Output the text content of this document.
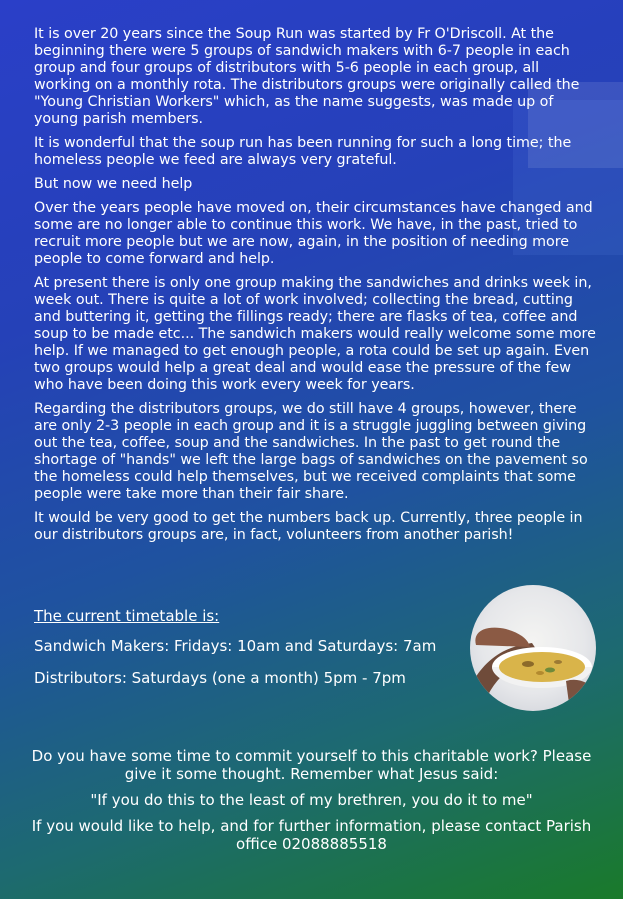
It is over 20 years since the Soup Run was started by Fr O'Driscoll. At the beginning there were 5 groups of sandwich makers with 6-7 people in each group and four groups of distributors with 5-6 people in each group, all working on a monthly rota. The distributors groups were originally called the "Young Christian Workers" which, as the name suggests, was made up of young parish members.

It is wonderful that the soup run has been running for such a long time; the homeless people we feed are always very grateful.

But now we need help

Over the years people have moved on, their circumstances have changed and some are no longer able to continue this work. We have, in the past, tried to recruit more people but we are now, again, in the position of needing more people to come forward and help.

At present there is only one group making the sandwiches and drinks week in, week out. There is quite a lot of work involved; collecting the bread, cutting and buttering it, getting the fillings ready; there are flasks of tea, coffee and soup to be made etc... The sandwich makers would really welcome some more help. If we managed to get enough people, a rota could be set up again. Even two groups would help a great deal and would ease the pressure of the few who have been doing this work every week for years.

Regarding the distributors groups, we do still have 4 groups, however, there are only 2-3 people in each group and it is a struggle juggling between giving out the tea, coffee, soup and the sandwiches. In the past to get round the shortage of "hands" we left the large bags of sandwiches on the pavement so the homeless could help themselves, but we received complaints that some people were take more than their fair share.

It would be very good to get the numbers back up. Currently, three people in our distributors groups are, in fact, volunteers from another parish!

The current timetable is:
Sandwich Makers: Fridays: 10am and Saturdays: 7am
Distributors: Saturdays (one a month) 5pm - 7pm

Do you have some time to commit yourself to this charitable work? Please give it some thought. Remember what Jesus said:

"If you do this to the least of my brethren, you do it to me"

If you would like to help, and for further information, please contact Parish office 02088885518
